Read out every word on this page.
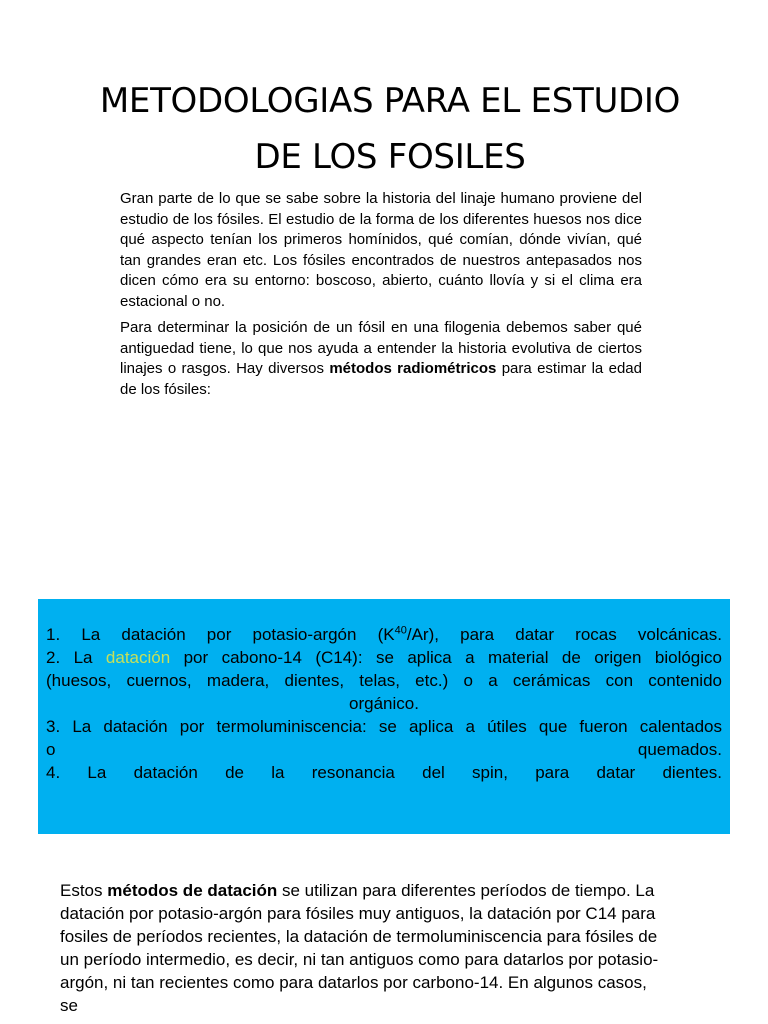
METODOLOGIAS PARA EL ESTUDIO
DE LOS FOSILES

Gran parte de lo que se sabe sobre la historia del linaje humano proviene del estudio de los fósiles. El estudio de la forma de los diferentes huesos nos dice qué aspecto tenían los primeros homínidos, qué comían, dónde vivían, qué tan grandes eran etc. Los fósiles encontrados de nuestros antepasados nos dicen cómo era su entorno: boscoso, abierto, cuánto llovía y si el clima era estacional o no.

Para determinar la posición de un fósil en una filogenia debemos saber qué antiguedad tiene, lo que nos ayuda a entender la historia evolutiva de ciertos linajes o rasgos. Hay diversos métodos radiométricos para estimar la edad de los fósiles:

1. La datación por potasio-argón $(K^{40}/Ar)$, para datar rocas volcánicas.
2. La datación por cabono-14 (C14): se aplica a material de origen biológico
(huesos, cuernos, madera, dientes, telas, etc.) o a cerámicas con contenido
orgánico.
3. La datación por termoluminiscencia: se aplica a útiles que fueron calentados
o	quemados.
4. La datación de la resonancia del spin, para datar dientes.
Estos métodos de datación se utilizan para diferentes períodos de tiempo. La datación por potasio-argón para fósiles muy antiguos, la datación por C14 para fosiles de períodos recientes, la datación de termoluminiscencia para fósiles de un período intermedio, es decir, ni tan antiguos como para datarlos por potasio-argón, ni tan recientes como para datarlos por carbono-14. En algunos casos, se
